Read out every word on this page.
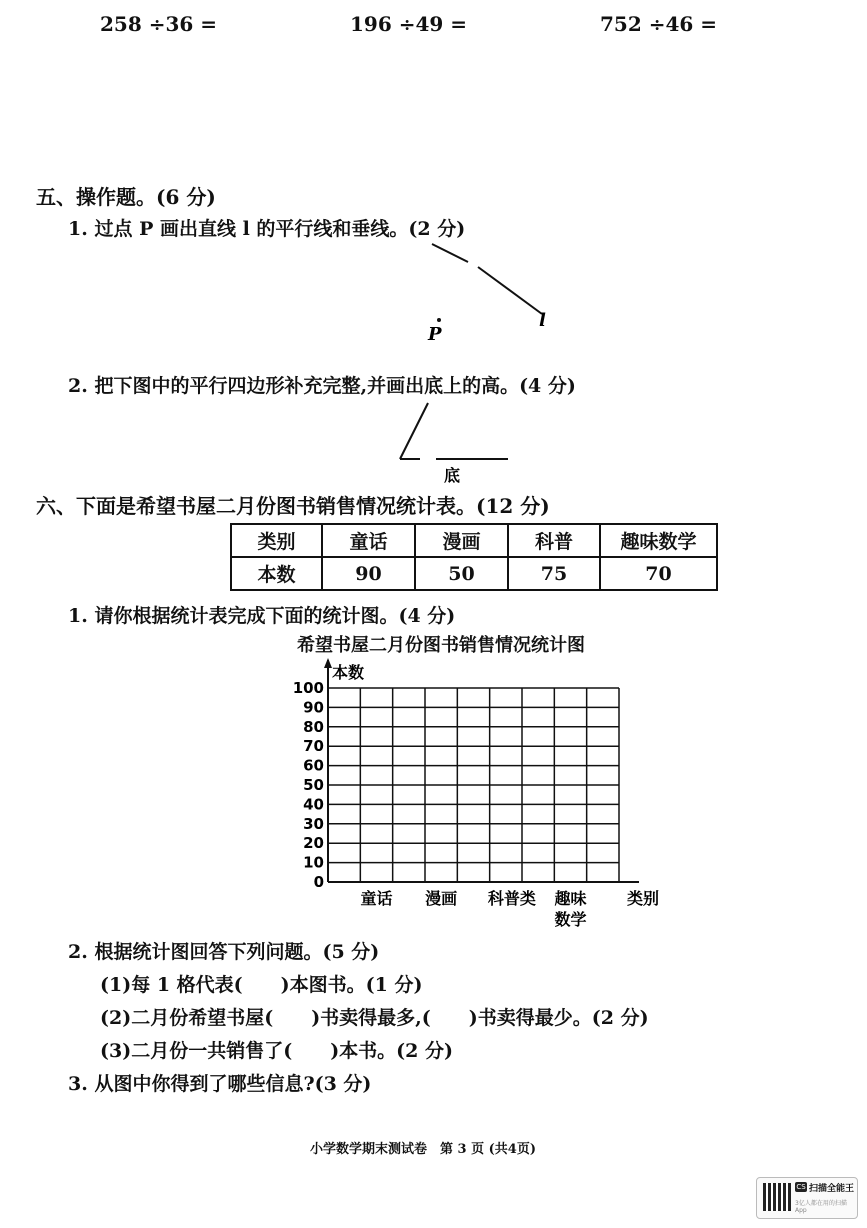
258 ÷36 =	196 ÷49 =	752 ÷46 =
五、操作题。(6 分)
1. 过点 P 画出直线 l 的平行线和垂线。(2 分)
P
l
2. 把下图中的平行四边形补充完整,并画出底上的高。(4 分)
底
六、下面是希望书屋二月份图书销售情况统计表。(12 分)
类别	童话	漫画	科普	趣味数学
本数	90	50	75	70
1. 请你根据统计表完成下面的统计图。(4 分)
希望书屋二月份图书销售情况统计图
100
90
80
70
60
50
40
30
20
10
0
本数
童话 漫画 科普类 趣味
数学
类别
2. 根据统计图回答下列问题。(5 分)
(1)每 1 格代表(　　)本图书。(1 分)
(2)二月份希望书屋(　　)书卖得最多,(　　)书卖得最少。(2 分)
(3)二月份一共销售了(　　)本书。(2 分)
3. 从图中你得到了哪些信息?(3 分)
小学数学期末测试卷　第 3 页 (共4页)
CS 扫描全能王
3亿人都在用的扫描App
